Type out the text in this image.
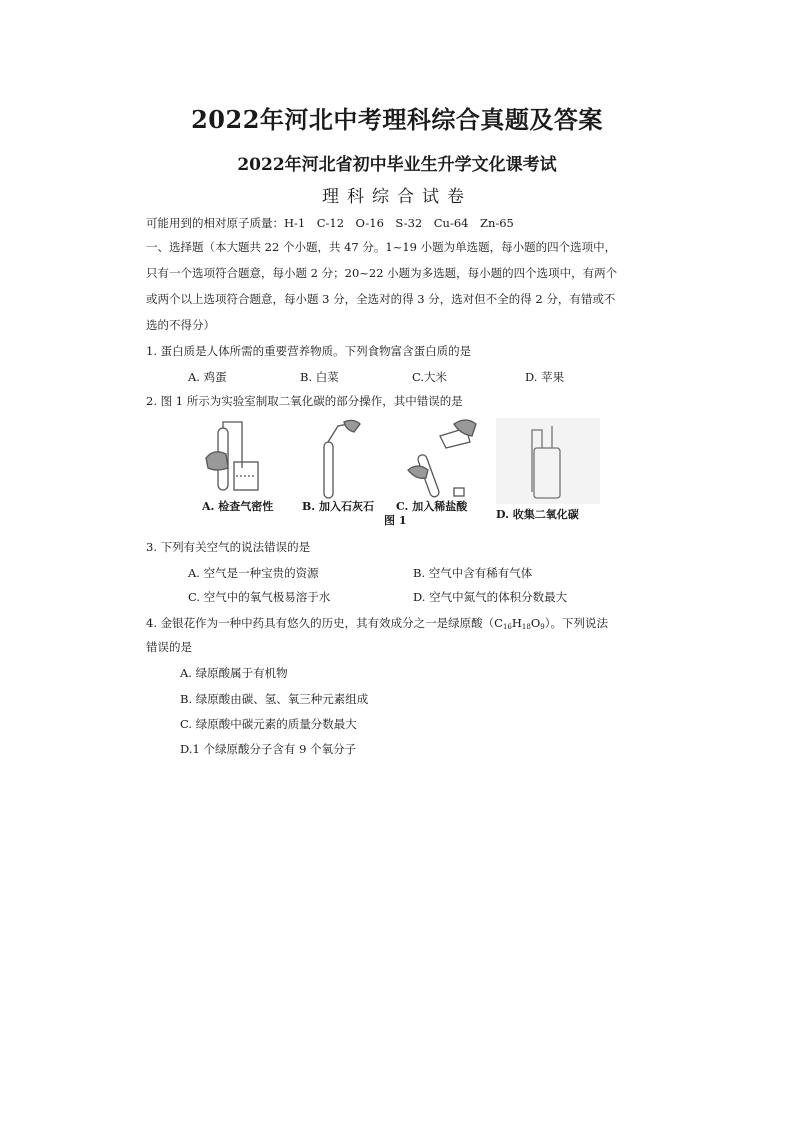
2022年河北中考理科综合真题及答案
2022年河北省初中毕业生升学文化课考试
理科综合试卷
可能用到的相对原子质量：H-1　C-12　O-16　S-32　Cu-64　Zn-65
一、选择题（本大题共 22 个小题，共 47 分。1~19 小题为单选题，每小题的四个选项中，
只有一个选项符合题意，每小题 2 分；20~22 小题为多选题，每小题的四个选项中，有两个
或两个以上选项符合题意，每小题 3 分，全选对的得 3 分，选对但不全的得 2 分，有错或不
选的不得分）
1. 蛋白质是人体所需的重要营养物质。下列食物富含蛋白质的是
A. 鸡蛋	B. 白菜	C.大米	D. 苹果
2. 图 1 所示为实验室制取二氧化碳的部分操作，其中错误的是
A. 检查气密性	B. 加入石灰石 C. 加入稀盐酸
D. 收集二氧化碳
图 1
3. 下列有关空气的说法错误的是
A. 空气是一种宝贵的资源	B. 空气中含有稀有气体
C. 空气中的氧气极易溶于水	D. 空气中氮气的体积分数最大
4. 金银花作为一种中药具有悠久的历史，其有效成分之一是绿原酸$(C_{16}H_{18}O_9)$。下列说法
错误的是
A. 绿原酸属于有机物
B. 绿原酸由碳、氢、氧三种元素组成
C. 绿原酸中碳元素的质量分数最大
D.1 个绿原酸分子含有 9 个氧分子
